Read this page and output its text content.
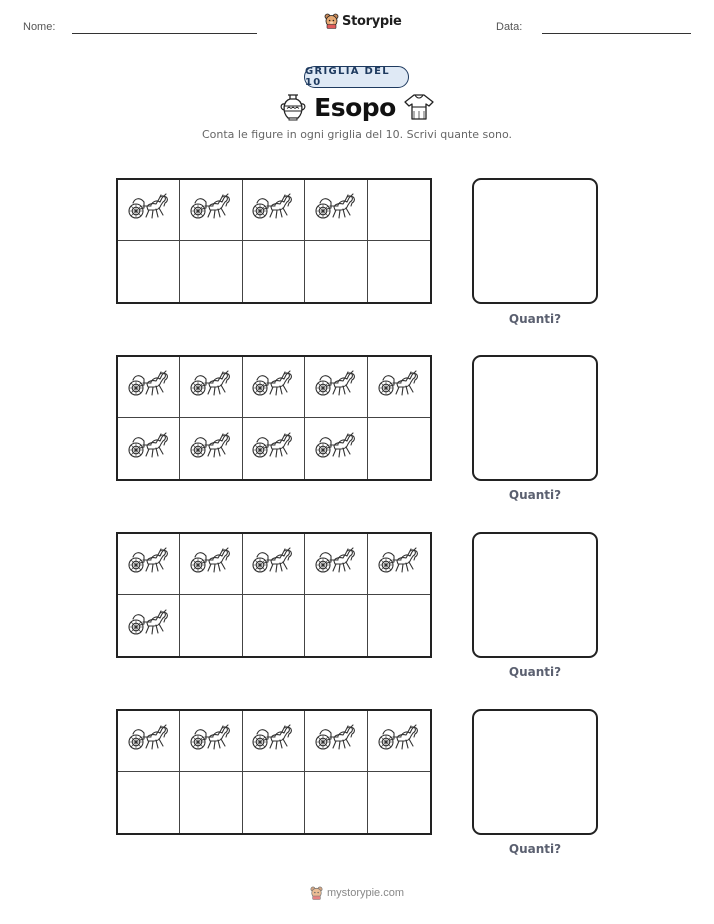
Nome:	Storypie	Data:
GRIGLIA DEL 10
Esopo
Conta le figure in ogni griglia del 10. Scrivi quante sono.
Quanti?
Quanti?
Quanti?
Quanti?
mystorypie.com
